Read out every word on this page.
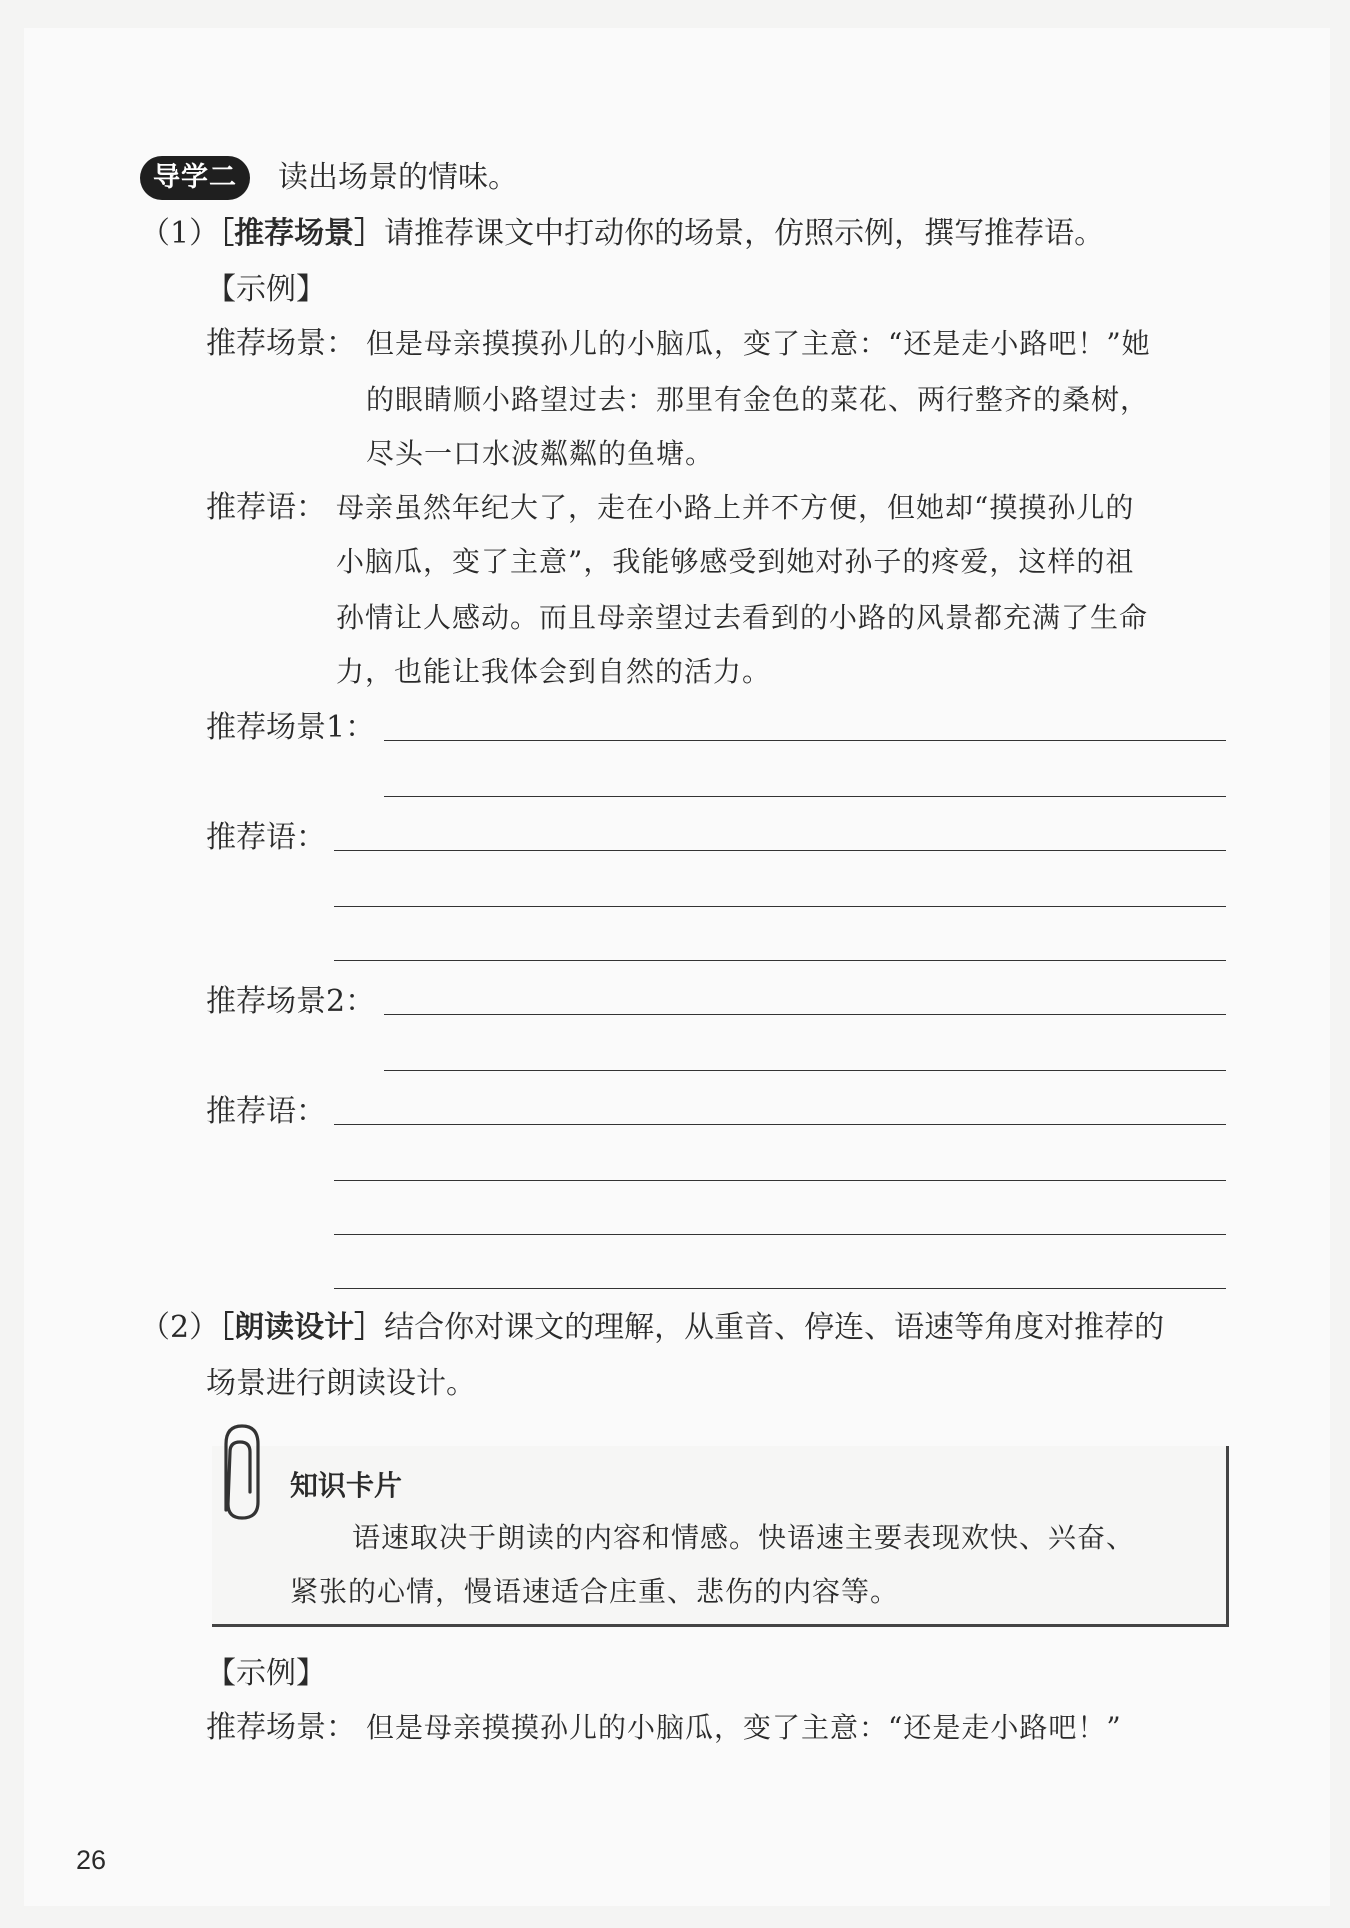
导学二	读出场景的情味。
（1）［推荐场景］请推荐课文中打动你的场景，仿照示例，撰写推荐语。
【示例】
推荐场景： 但是母亲摸摸孙儿的小脑瓜，变了主意：“还是走小路吧！”她
的眼睛顺小路望过去：那里有金色的菜花、两行整齐的桑树，
尽头一口水波粼粼的鱼塘。
推荐语： 母亲虽然年纪大了，走在小路上并不方便，但她却“摸摸孙儿的
小脑瓜，变了主意”，我能够感受到她对孙子的疼爱，这样的祖
孙情让人感动。而且母亲望过去看到的小路的风景都充满了生命
力，也能让我体会到自然的活力。
推荐场景1：
推荐语：
推荐场景2：
推荐语：
（2）［朗读设计］结合你对课文的理解，从重音、停连、语速等角度对推荐的
场景进行朗读设计。
知识卡片
语速取决于朗读的内容和情感。快语速主要表现欢快、兴奋、
紧张的心情，慢语速适合庄重、悲伤的内容等。
【示例】
推荐场景： 但是母亲摸摸孙儿的小脑瓜，变了主意：“还是走小路吧！”
26
